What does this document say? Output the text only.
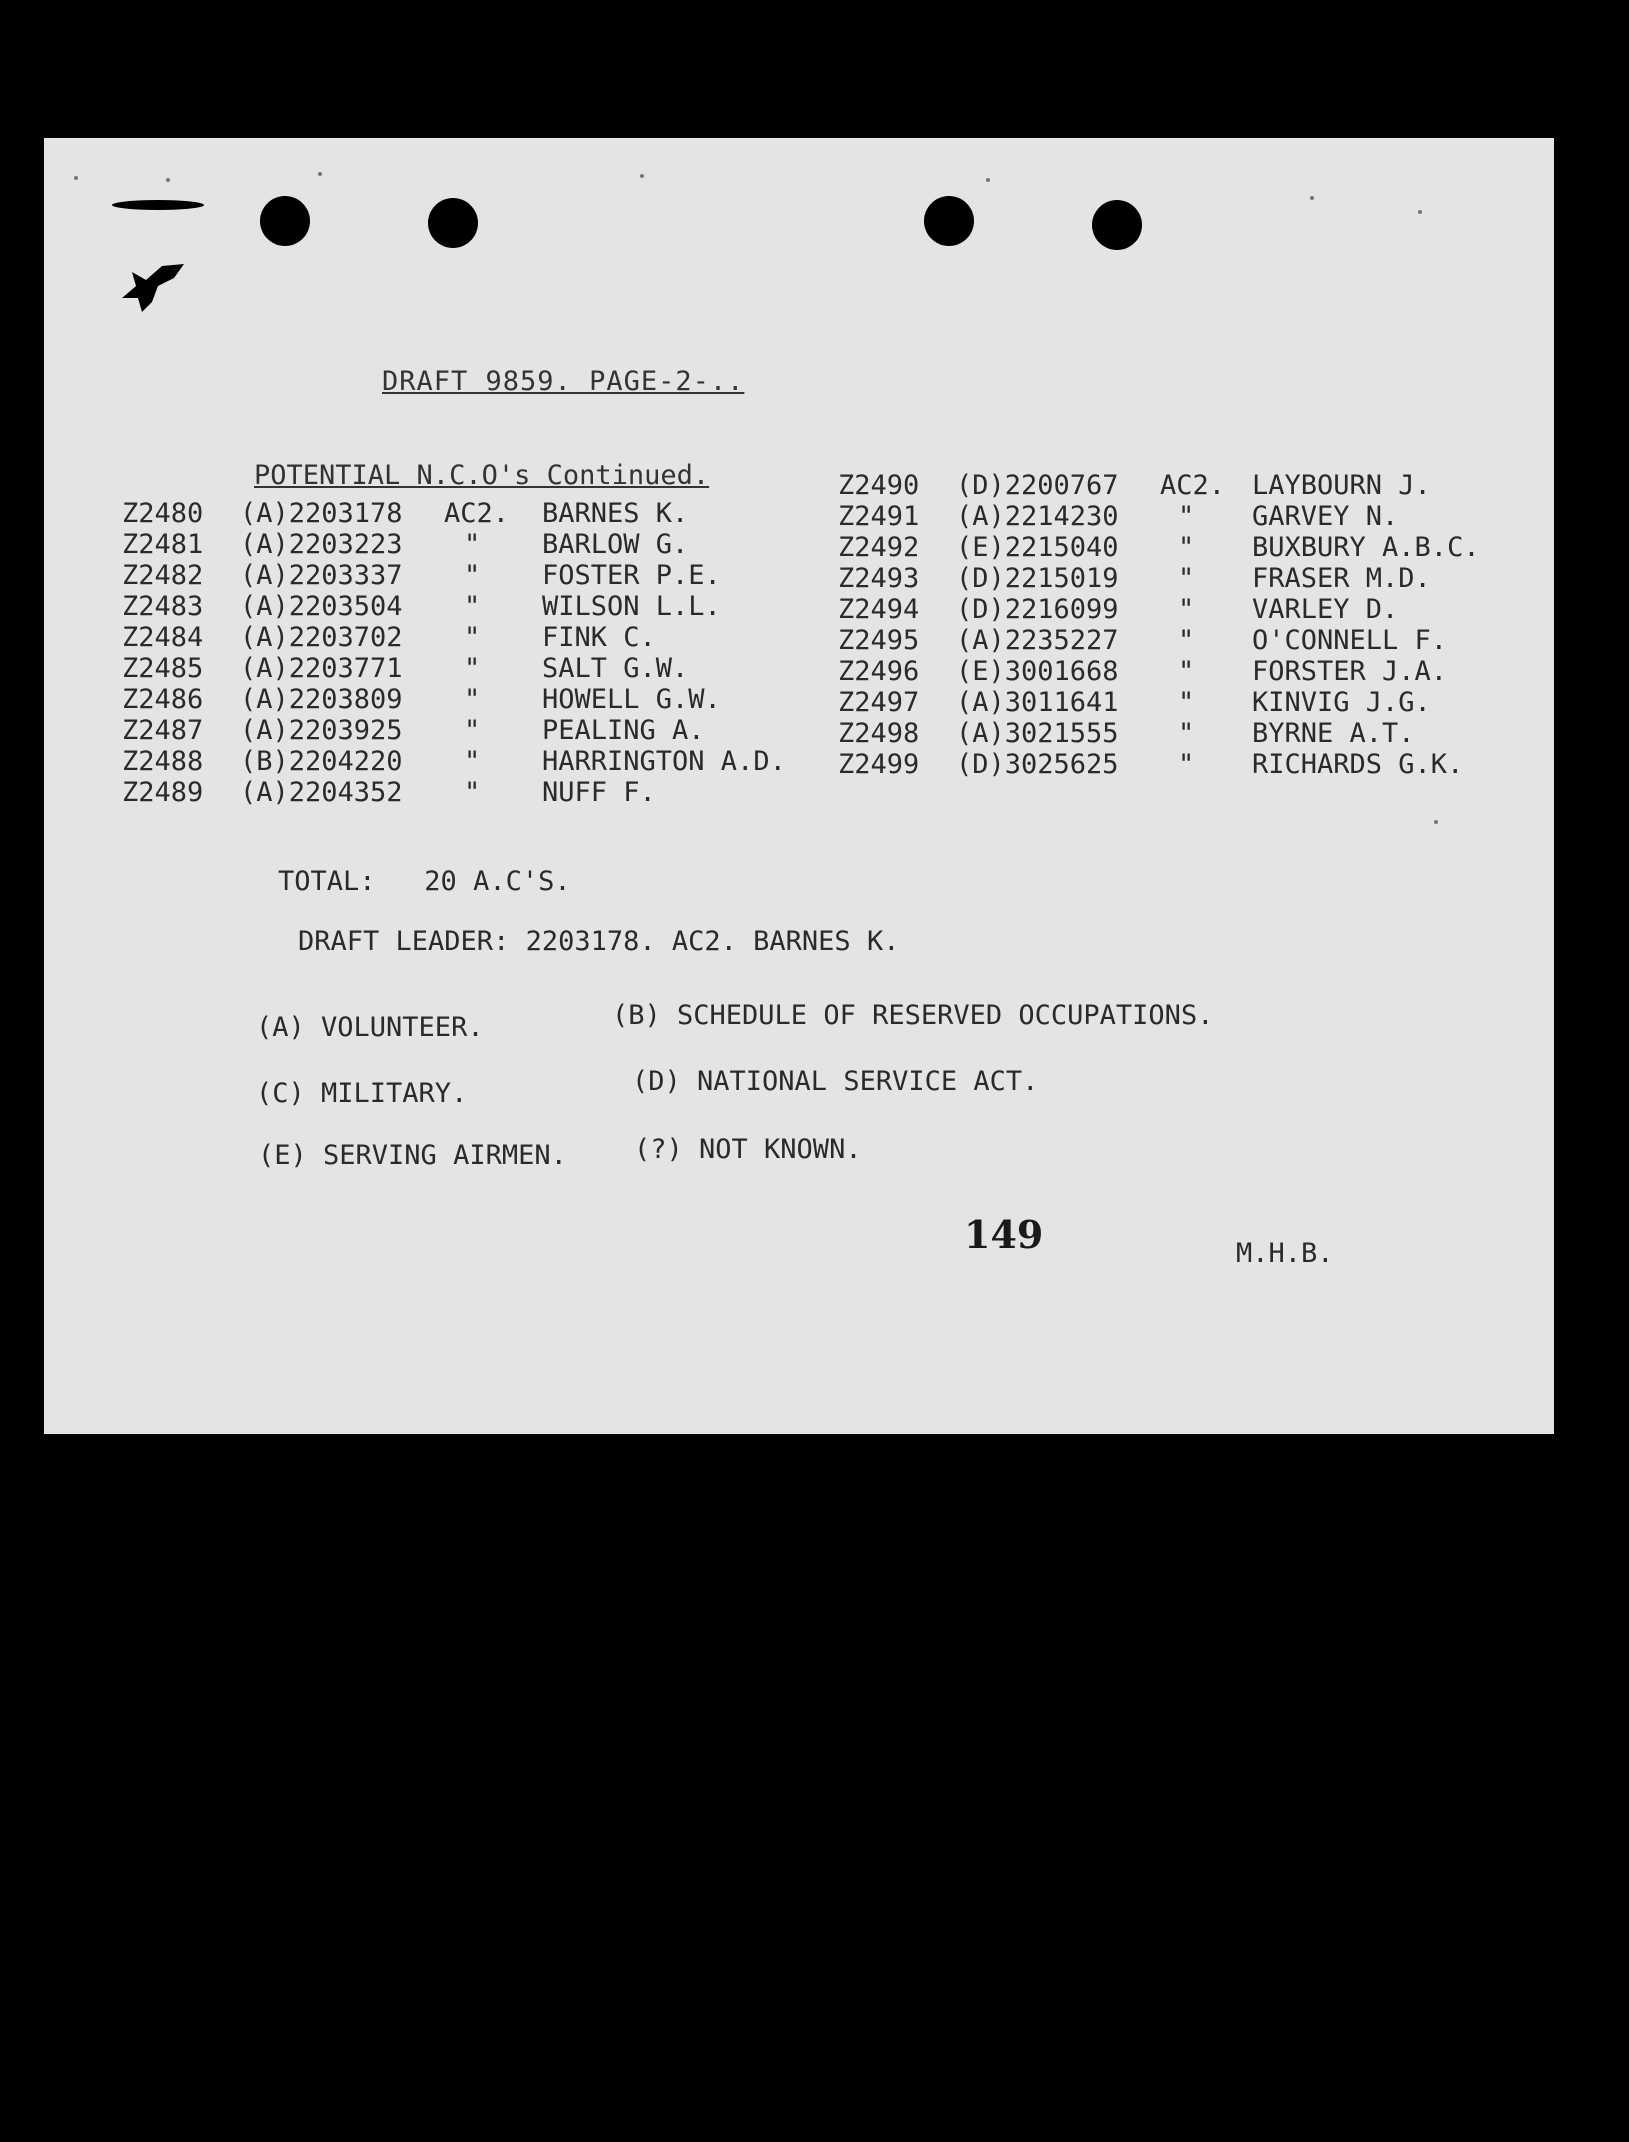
DRAFT 9859. PAGE-2-..
POTENTIAL N.C.O's Continued.
Z2480 (A)2203178 AC2. BARNES K.
Z2481 (A)2203223 " BARLOW G.
Z2482 (A)2203337 " FOSTER P.E.
Z2483 (A)2203504 " WILSON L.L.
Z2484 (A)2203702 " FINK C.
Z2485 (A)2203771 " SALT G.W.
Z2486 (A)2203809 " HOWELL G.W.
Z2487 (A)2203925 " PEALING A.
Z2488 (B)2204220 " HARRINGTON A.D.
Z2489 (A)2204352 " NUFF F.
Z2490 (D)2200767 AC2. LAYBOURN J.
Z2491 (A)2214230 " GARVEY N.
Z2492 (E)2215040 " BUXBURY A.B.C.
Z2493 (D)2215019 " FRASER M.D.
Z2494 (D)2216099 " VARLEY D.
Z2495 (A)2235227 " O'CONNELL F.
Z2496 (E)3001668 " FORSTER J.A.
Z2497 (A)3011641 " KINVIG J.G.
Z2498 (A)3021555 " BYRNE A.T.
Z2499 (D)3025625 " RICHARDS G.K.
TOTAL:   20 A.C'S.
DRAFT LEADER: 2203178. AC2. BARNES K.
(A) VOLUNTEER.	(B) SCHEDULE OF RESERVED OCCUPATIONS.
(C) MILITARY.	(D) NATIONAL SERVICE ACT.
(E) SERVING AIRMEN. (?) NOT KNOWN.
149	M.H.B.
